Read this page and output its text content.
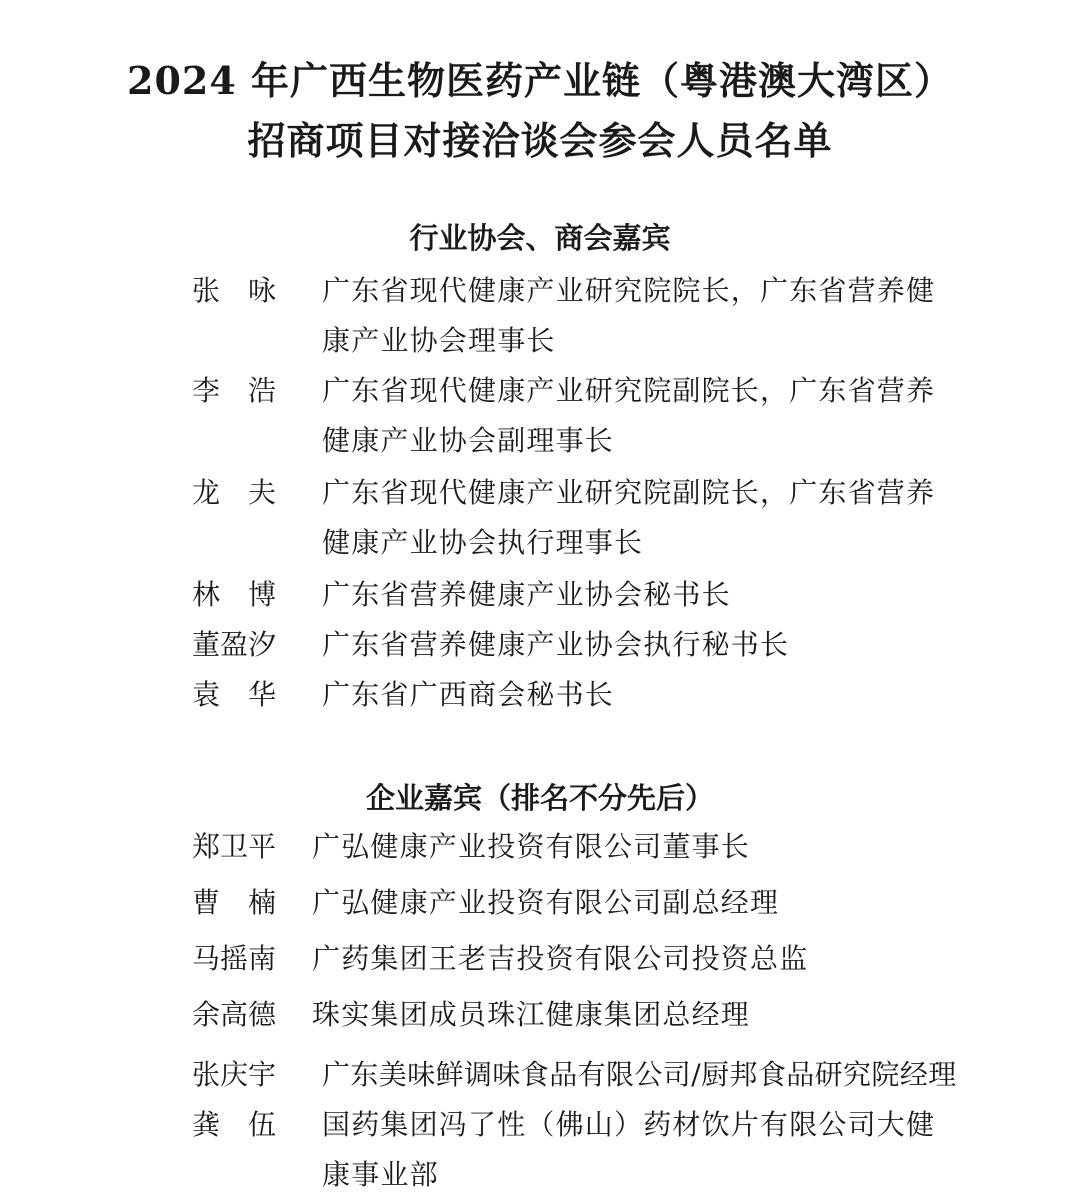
2024 年广西生物医药产业链（粤港澳大湾区）
招商项目对接洽谈会参会人员名单
行业协会、商会嘉宾
张　咏 广东省现代健康产业研究院院长，广东省营养健康产业协会理事长
李　浩 广东省现代健康产业研究院副院长，广东省营养健康产业协会副理事长
龙　夫 广东省现代健康产业研究院副院长，广东省营养健康产业协会执行理事长
林　博 广东省营养健康产业协会秘书长
董盈汐 广东省营养健康产业协会执行秘书长
袁　华 广东省广西商会秘书长
企业嘉宾（排名不分先后）
郑卫平 广弘健康产业投资有限公司董事长
曹　楠 广弘健康产业投资有限公司副总经理
马摇南 广药集团王老吉投资有限公司投资总监
余高德 珠实集团成员珠江健康集团总经理
张庆宇 广东美味鲜调味食品有限公司/厨邦食品研究院经理
龚　伍 国药集团冯了性（佛山）药材饮片有限公司大健康事业部
